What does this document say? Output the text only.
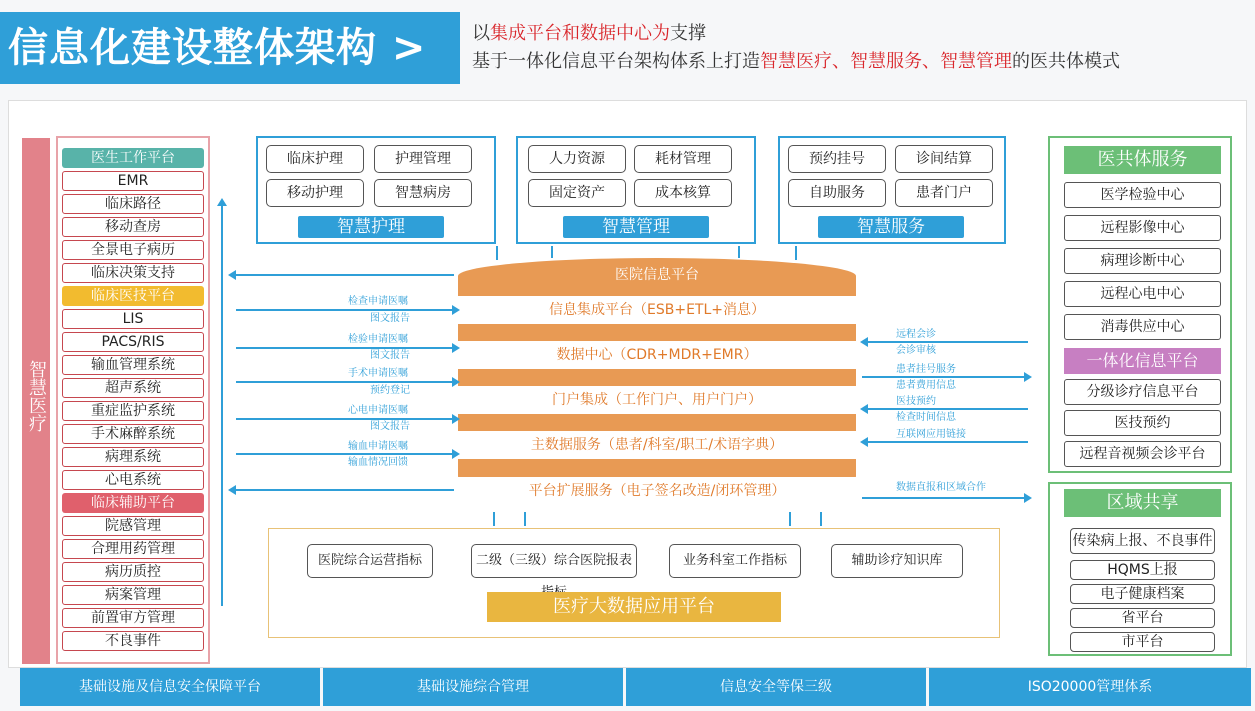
信息化建设整体架构 >	以集成平台和数据中心为支撑
基于一体化信息平台架构体系上打造智慧医疗、智慧服务、智慧管理的医共体模式
智慧医疗
医生工作平台
EMR
临床路径
移动查房
全景电子病历
临床决策支持
临床医技平台
LIS
PACS/RIS
输血管理系统
超声系统
重症监护系统
手术麻醉系统
病理系统
心电系统
临床辅助平台
院感管理
合理用药管理
病历质控
病案管理
前置审方管理
不良事件
临床护理	护理管理
移动护理	智慧病房
智慧护理
人力资源	耗材管理
固定资产	成本核算
智慧管理
预约挂号	诊间结算
自助服务	患者门户
智慧服务
医院信息平台
信息集成平台（ESB+ETL+消息）
数据中心（CDR+MDR+EMR）
门户集成（工作门户、用户门户）
主数据服务（患者/科室/职工/术语字典）
平台扩展服务（电子签名改造/闭环管理）
检查申请医嘱
图文报告
检验申请医嘱
图文报告
手术申请医嘱
预约登记
心电申请医嘱
图文报告
输血申请医嘱
输血情况回馈
远程会诊
会诊审核
患者挂号服务
患者费用信息
医技预约
检查时间信息
互联网应用链接
数据直报和区域合作
医院综合运营指标	二级（三级）综合医院报表	业务科室工作指标	辅助诊疗知识库
医疗大数据应用平台
医共体服务
医学检验中心
远程影像中心
病理诊断中心
远程心电中心
消毒供应中心
一体化信息平台
分级诊疗信息平台
医技预约
远程音视频会诊平台
区域共享
传染病上报、不良事件
HQMS上报
电子健康档案
省平台
市平台
基础设施及信息安全保障平台	基础设施综合管理	信息安全等保三级	ISO20000管理体系
